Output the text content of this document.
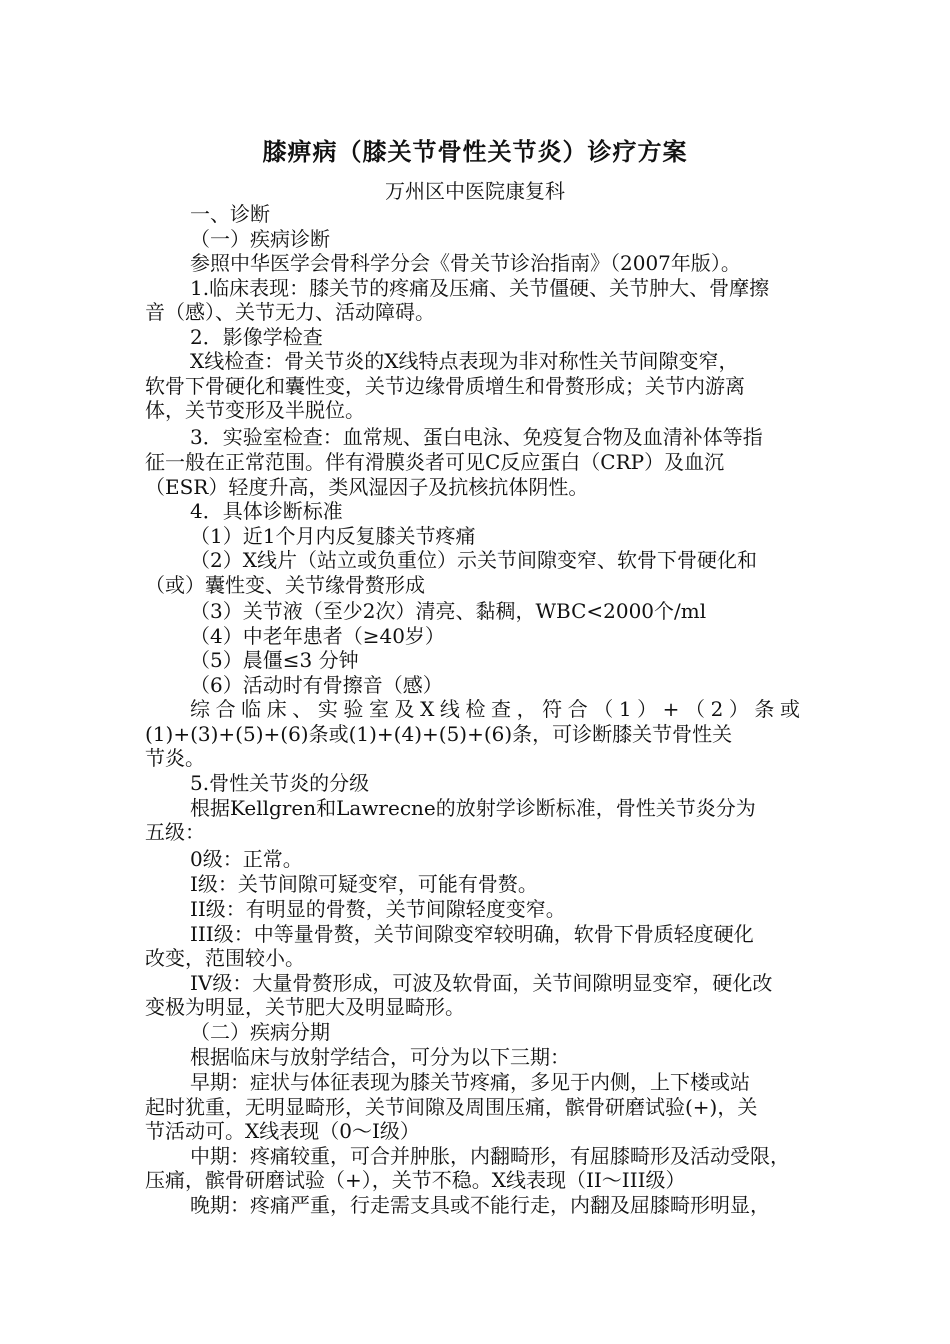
膝痹病（膝关节骨性关节炎）诊疗方案
万州区中医院康复科
一、诊断
（一）疾病诊断
参照中华医学会骨科学分会《骨关节诊治指南》（2007年版）。
1.临床表现：膝关节的疼痛及压痛、关节僵硬、关节肿大、骨摩擦
音（感）、关节无力、活动障碍。
2．影像学检查
X线检查：骨关节炎的X线特点表现为非对称性关节间隙变窄，
软骨下骨硬化和囊性变，关节边缘骨质增生和骨赘形成；关节内游离
体，关节变形及半脱位。
3．实验室检查：血常规、蛋白电泳、免疫复合物及血清补体等指
征一般在正常范围。伴有滑膜炎者可见C反应蛋白（CRP）及血沉
（ESR）轻度升高，类风湿因子及抗核抗体阴性。
4．具体诊断标准
（1）近1个月内反复膝关节疼痛
（2）X线片（站立或负重位）示关节间隙变窄、软骨下骨硬化和
（或）囊性变、关节缘骨赘形成
（3）关节液（至少2次）清亮、黏稠，WBC<2000个/ml
（4）中老年患者（≥40岁）
（5）晨僵≤3 分钟
（6）活动时有骨擦音（感）
综合临床、实验室及X线检查，符合（1）+（2）条或
(1)+(3)+(5)+(6)条或(1)+(4)+(5)+(6)条，可诊断膝关节骨性关
节炎。
5.骨性关节炎的分级
根据Kellgren和Lawrecne的放射学诊断标准，骨性关节炎分为
五级：
0级：正常。
I级：关节间隙可疑变窄，可能有骨赘。
II级：有明显的骨赘，关节间隙轻度变窄。
III级：中等量骨赘，关节间隙变窄较明确，软骨下骨质轻度硬化
改变，范围较小。
IV级：大量骨赘形成，可波及软骨面，关节间隙明显变窄，硬化改
变极为明显，关节肥大及明显畸形。
（二）疾病分期
根据临床与放射学结合，可分为以下三期：
早期：症状与体征表现为膝关节疼痛，多见于内侧，上下楼或站
起时犹重，无明显畸形，关节间隙及周围压痛，髌骨研磨试验(+)，关
节活动可。X线表现（0～I级）
中期：疼痛较重，可合并肿胀，内翻畸形，有屈膝畸形及活动受限，
压痛，髌骨研磨试验（+），关节不稳。X线表现（II～III级）
晚期：疼痛严重，行走需支具或不能行走，内翻及屈膝畸形明显，
